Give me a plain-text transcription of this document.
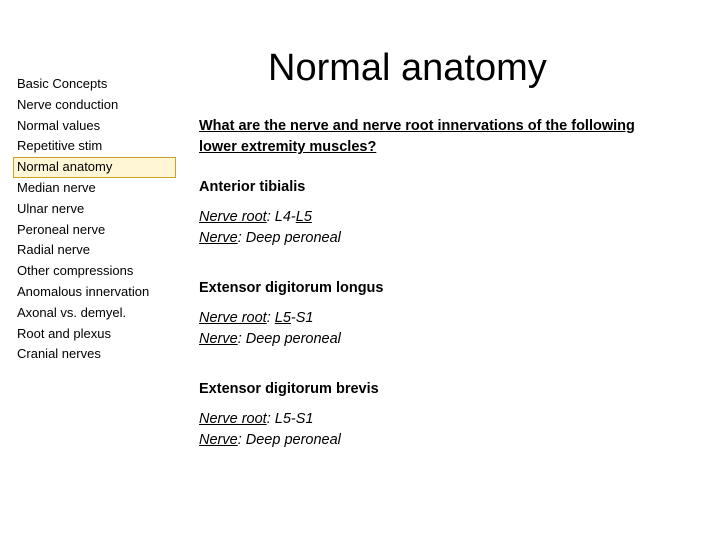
Basic Concepts
Nerve conduction
Normal values
Repetitive stim
Normal anatomy
Median nerve
Ulnar nerve
Peroneal nerve
Radial nerve
Other compressions
Anomalous innervation
Axonal vs. demyel.
Root and plexus
Cranial nerves
Normal anatomy

What are the nerve and nerve root innervations of the following lower extremity muscles?

Anterior tibialis

Nerve root: L4-L5
Nerve: Deep peroneal

Extensor digitorum longus

Nerve root: L5-S1
Nerve: Deep peroneal

Extensor digitorum brevis

Nerve root: L5-S1
Nerve: Deep peroneal
